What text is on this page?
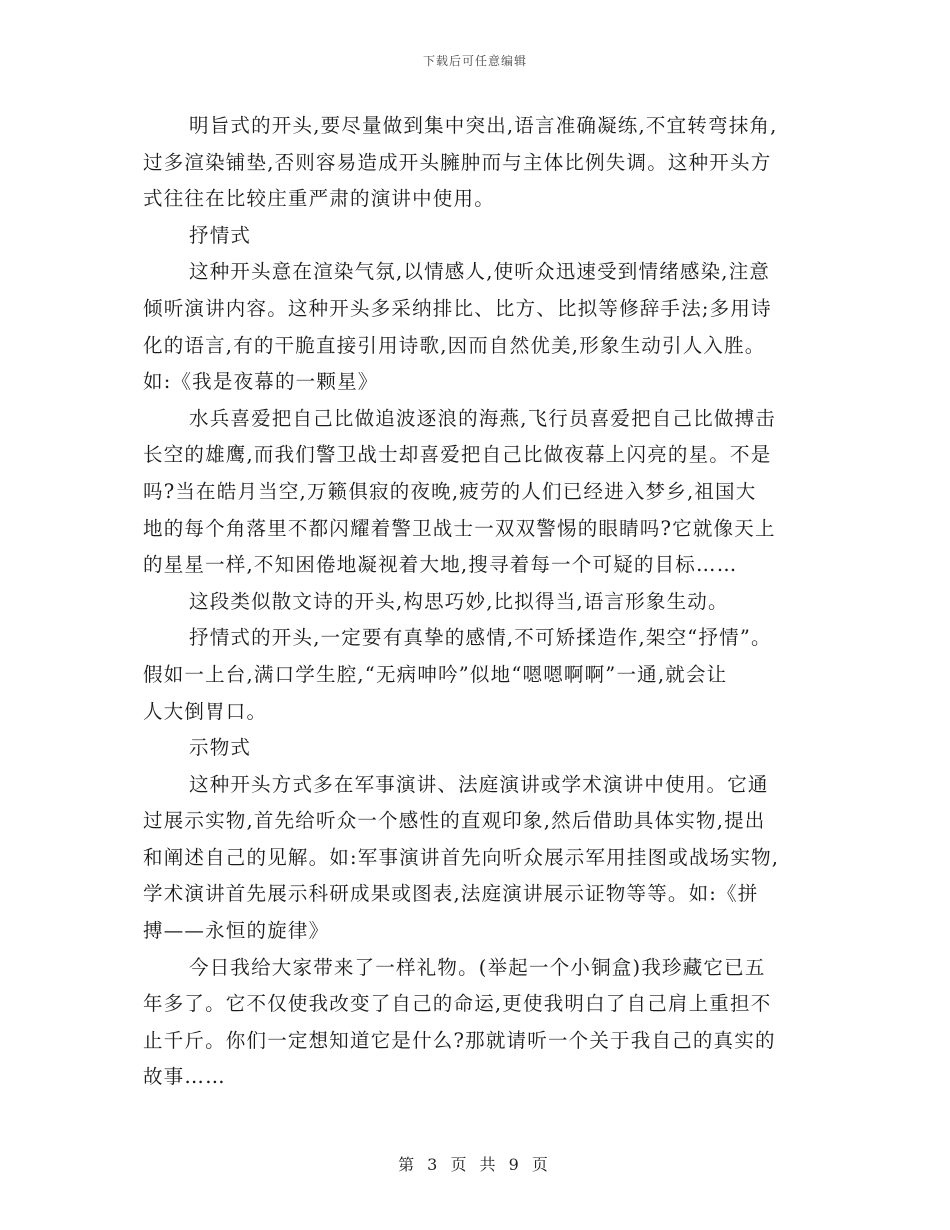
下载后可任意编辑
明旨式的开头,要尽量做到集中突出,语言准确凝练,不宜转弯抹角,
过多渲染铺垫,否则容易造成开头臃肿而与主体比例失调。这种开头方
式往往在比较庄重严肃的演讲中使用。
抒情式
这种开头意在渲染气氛,以情感人,使听众迅速受到情绪感染,注意
倾听演讲内容。这种开头多采纳排比、比方、比拟等修辞手法;多用诗
化的语言,有的干脆直接引用诗歌,因而自然优美,形象生动引人入胜。
如:《我是夜幕的一颗星》
水兵喜爱把自己比做追波逐浪的海燕,飞行员喜爱把自己比做搏击
长空的雄鹰,而我们警卫战士却喜爱把自己比做夜幕上闪亮的星。不是
吗?当在皓月当空,万籁俱寂的夜晚,疲劳的人们已经进入梦乡,祖国大
地的每个角落里不都闪耀着警卫战士一双双警惕的眼睛吗?它就像天上
的星星一样,不知困倦地凝视着大地,搜寻着每一个可疑的目标……
这段类似散文诗的开头,构思巧妙,比拟得当,语言形象生动。
抒情式的开头,一定要有真挚的感情,不可矫揉造作,架空“抒情”。
假如一上台,满口学生腔,“无病呻吟”似地“嗯嗯啊啊”一通,就会让
人大倒胃口。
示物式
这种开头方式多在军事演讲、法庭演讲或学术演讲中使用。它通
过展示实物,首先给听众一个感性的直观印象,然后借助具体实物,提出
和阐述自己的见解。如:军事演讲首先向听众展示军用挂图或战场实物,
学术演讲首先展示科研成果或图表,法庭演讲展示证物等等。如:《拼
搏——永恒的旋律》
今日我给大家带来了一样礼物。(举起一个小铜盒)我珍藏它已五
年多了。它不仅使我改变了自己的命运,更使我明白了自己肩上重担不
止千斤。你们一定想知道它是什么?那就请听一个关于我自己的真实的
故事……
第 3 页 共 9 页
